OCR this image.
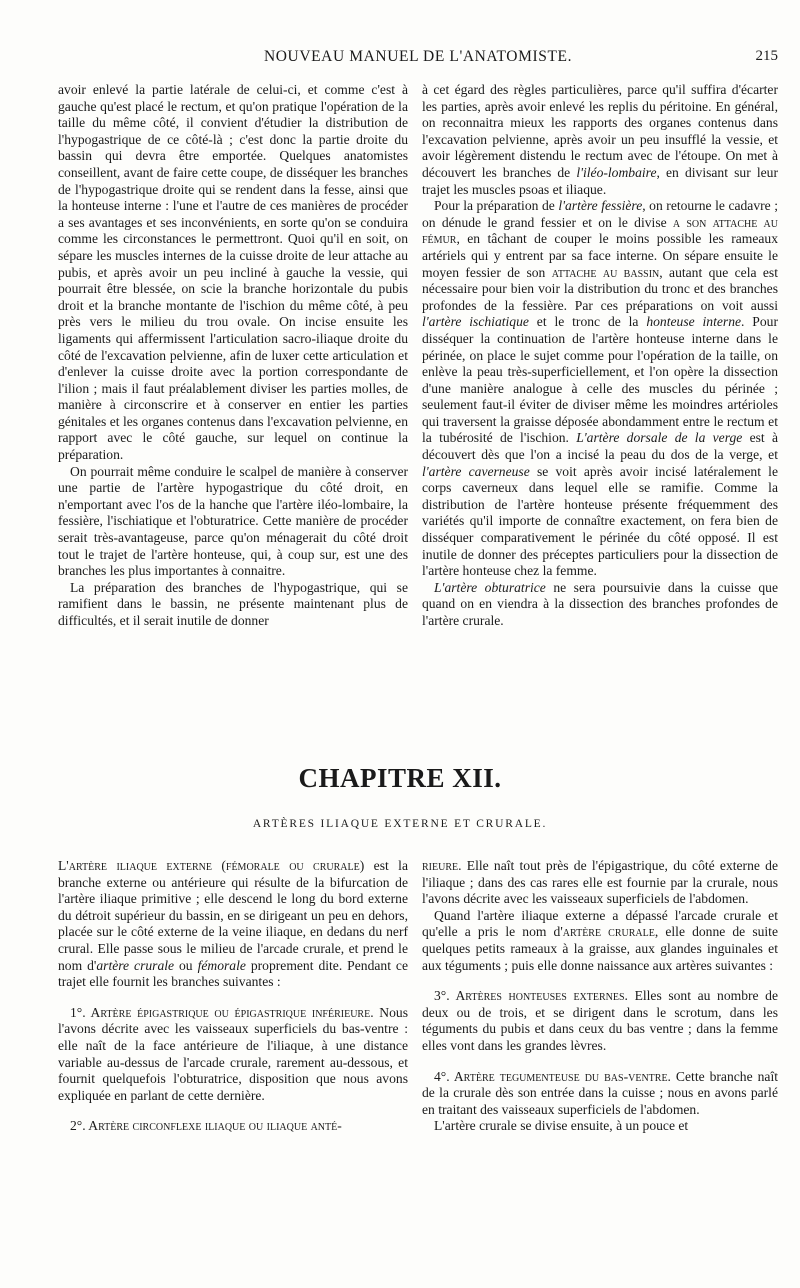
NOUVEAU MANUEL DE L'ANATOMISTE.	215

avoir enlevé la partie latérale de celui-ci, et comme c'est à gauche qu'est placé le rectum, et qu'on pratique l'opération de la taille du même côté, il convient d'étudier la distribution de l'hypogastrique de ce côté-là ; c'est donc la partie droite du bassin qui devra être emportée. Quelques anatomistes conseillent, avant de faire cette coupe, de disséquer les branches de l'hypogastrique droite qui se rendent dans la fesse, ainsi que la honteuse interne : l'une et l'autre de ces manières de procéder a ses avantages et ses inconvénients, en sorte qu'on se conduira comme les circonstances le permettront. Quoi qu'il en soit, on sépare les muscles internes de la cuisse droite de leur attache au pubis, et après avoir un peu incliné à gauche la vessie, qui pourrait être blessée, on scie la branche horizontale du pubis droit et la branche montante de l'ischion du même côté, à peu près vers le milieu du trou ovale. On incise ensuite les ligaments qui affermissent l'articulation sacro-iliaque droite du côté de l'excavation pelvienne, afin de luxer cette articulation et d'enlever la cuisse droite avec la portion correspondante de l'ilion ; mais il faut préalablement diviser les parties molles, de manière à circonscrire et à conserver en entier les parties génitales et les organes contenus dans l'excavation pelvienne, en rapport avec le côté gauche, sur lequel on continue la préparation.

On pourrait même conduire le scalpel de manière à conserver une partie de l'artère hypogastrique du côté droit, en n'emportant avec l'os de la hanche que l'artère iléo-lombaire, la fessière, l'ischiatique et l'obturatrice. Cette manière de procéder serait très-avantageuse, parce qu'on ménagerait du côté droit tout le trajet de l'artère honteuse, qui, à coup sur, est une des branches les plus importantes à connaitre.

La préparation des branches de l'hypogastrique, qui se ramifient dans le bassin, ne présente maintenant plus de difficultés, et il serait inutile de donner

à cet égard des règles particulières, parce qu'il suffira d'écarter les parties, après avoir enlevé les replis du péritoine. En général, on reconnaitra mieux les rapports des organes contenus dans l'excavation pelvienne, après avoir un peu insufflé la vessie, et avoir légèrement distendu le rectum avec de l'étoupe. On met à découvert les branches de l'iléo-lombaire, en divisant sur leur trajet les muscles psoas et iliaque.

Pour la préparation de l'artère fessière, on retourne le cadavre ; on dénude le grand fessier et on le divise a son attache au fémur, en tâchant de couper le moins possible les rameaux artériels qui y entrent par sa face interne. On sépare ensuite le moyen fessier de son attache au bassin, autant que cela est nécessaire pour bien voir la distribution du tronc et des branches profondes de la fessière. Par ces préparations on voit aussi l'artère ischiatique et le tronc de la honteuse interne. Pour disséquer la continuation de l'artère honteuse interne dans le périnée, on place le sujet comme pour l'opération de la taille, on enlève la peau très-superficiellement, et l'on opère la dissection d'une manière analogue à celle des muscles du périnée ; seulement faut-il éviter de diviser même les moindres artérioles qui traversent la graisse déposée abondamment entre le rectum et la tubérosité de l'ischion. L'artère dorsale de la verge est à découvert dès que l'on a incisé la peau du dos de la verge, et l'artère caverneuse se voit après avoir incisé latéralement le corps caverneux dans lequel elle se ramifie. Comme la distribution de l'artère honteuse présente fréquemment des variétés qu'il importe de connaître exactement, on fera bien de disséquer comparativement le périnée du côté opposé. Il est inutile de donner des préceptes particuliers pour la dissection de l'artère honteuse chez la femme.

L'artère obturatrice ne sera poursuivie dans la cuisse que quand on en viendra à la dissection des branches profondes de l'artère crurale.

CHAPITRE XII.
ARTÈRES ILIAQUE EXTERNE ET CRURALE.

L'artère iliaque externe (fémorale ou crurale) est la branche externe ou antérieure qui résulte de la bifurcation de l'artère iliaque primitive ; elle descend le long du bord externe du détroit supérieur du bassin, en se dirigeant un peu en dehors, placée sur le côté externe de la veine iliaque, en dedans du nerf crural. Elle passe sous le milieu de l'arcade crurale, et prend le nom d'artère crurale ou fémorale proprement dite. Pendant ce trajet elle fournit les branches suivantes :

1°. Artère épigastrique ou épigastrique inférieure. Nous l'avons décrite avec les vaisseaux superficiels du bas-ventre : elle naît de la face antérieure de l'iliaque, à une distance variable au-dessus de l'arcade crurale, rarement au-dessous, et fournit quelquefois l'obturatrice, disposition que nous avons expliquée en parlant de cette dernière.

2°. Artère circonflexe iliaque ou iliaque anté-

rieure. Elle naît tout près de l'épigastrique, du côté externe de l'iliaque ; dans des cas rares elle est fournie par la crurale, nous l'avons décrite avec les vaisseaux superficiels de l'abdomen.

Quand l'artère iliaque externe a dépassé l'arcade crurale et qu'elle a pris le nom d'artère crurale, elle donne de suite quelques petits rameaux à la graisse, aux glandes inguinales et aux téguments ; puis elle donne naissance aux artères suivantes :

3°. Artères honteuses externes. Elles sont au nombre de deux ou de trois, et se dirigent dans le scrotum, dans les téguments du pubis et dans ceux du bas ventre ; dans la femme elles vont dans les grandes lèvres.

4°. Artère tegumenteuse du bas-ventre. Cette branche naît de la crurale dès son entrée dans la cuisse ; nous en avons parlé en traitant des vaisseaux superficiels de l'abdomen.

L'artère crurale se divise ensuite, à un pouce et
